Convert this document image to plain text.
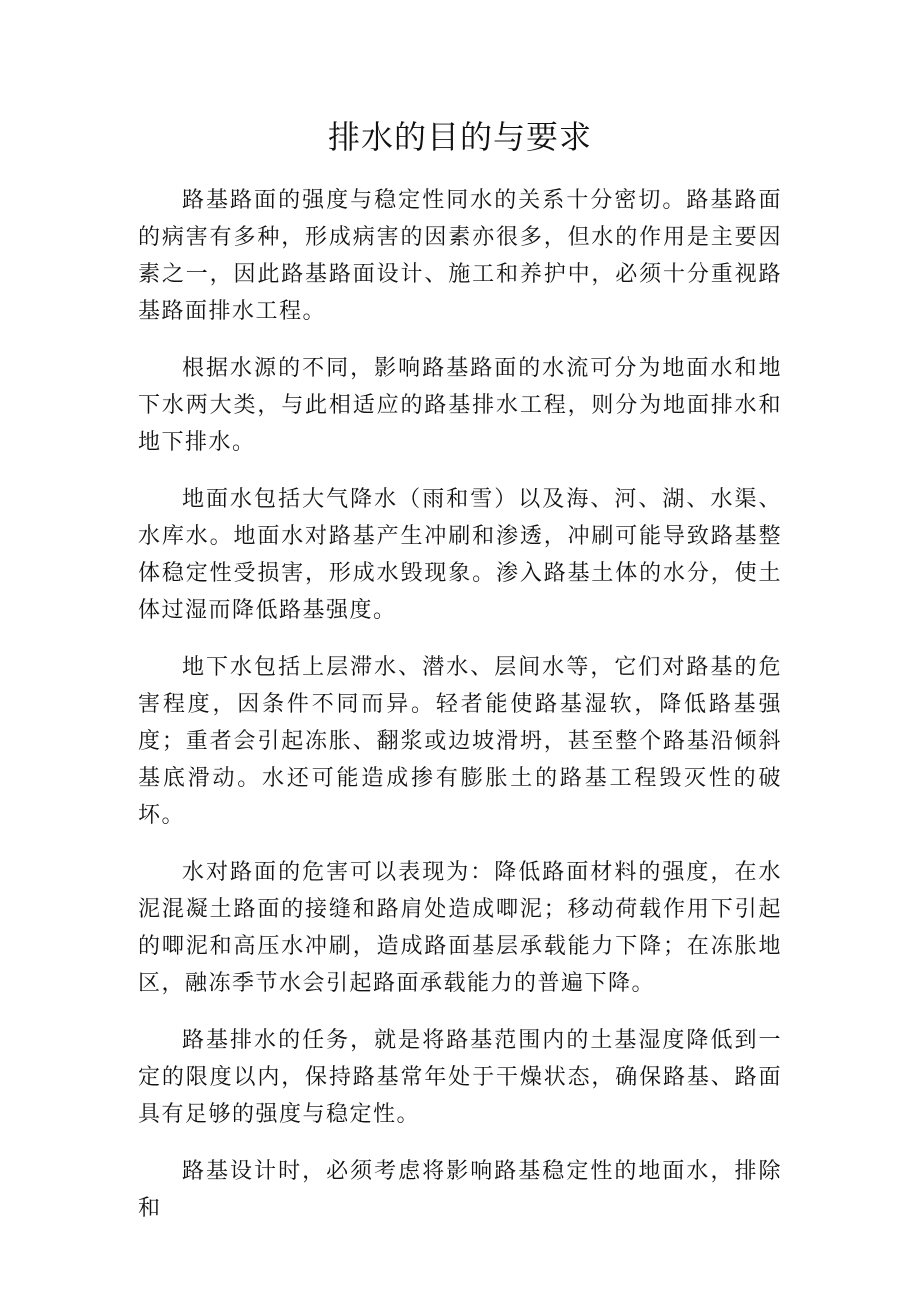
排水的目的与要求

路基路面的强度与稳定性同水的关系十分密切。路基路面的病害有多种，形成病害的因素亦很多，但水的作用是主要因素之一，因此路基路面设计、施工和养护中，必须十分重视路基路面排水工程。

根据水源的不同，影响路基路面的水流可分为地面水和地下水两大类，与此相适应的路基排水工程，则分为地面排水和地下排水。

地面水包括大气降水（雨和雪）以及海、河、湖、水渠、水库水。地面水对路基产生冲刷和渗透，冲刷可能导致路基整体稳定性受损害，形成水毁现象。渗入路基土体的水分，使土体过湿而降低路基强度。

地下水包括上层滞水、潜水、层间水等，它们对路基的危害程度，因条件不同而异。轻者能使路基湿软，降低路基强度；重者会引起冻胀、翻浆或边坡滑坍，甚至整个路基沿倾斜基底滑动。水还可能造成掺有膨胀土的路基工程毁灭性的破坏。

水对路面的危害可以表现为：降低路面材料的强度，在水泥混凝土路面的接缝和路肩处造成唧泥；移动荷载作用下引起的唧泥和高压水冲刷，造成路面基层承载能力下降；在冻胀地区，融冻季节水会引起路面承载能力的普遍下降。

路基排水的任务，就是将路基范围内的土基湿度降低到一定的限度以内，保持路基常年处于干燥状态，确保路基、路面具有足够的强度与稳定性。

路基设计时，必须考虑将影响路基稳定性的地面水，排除和
